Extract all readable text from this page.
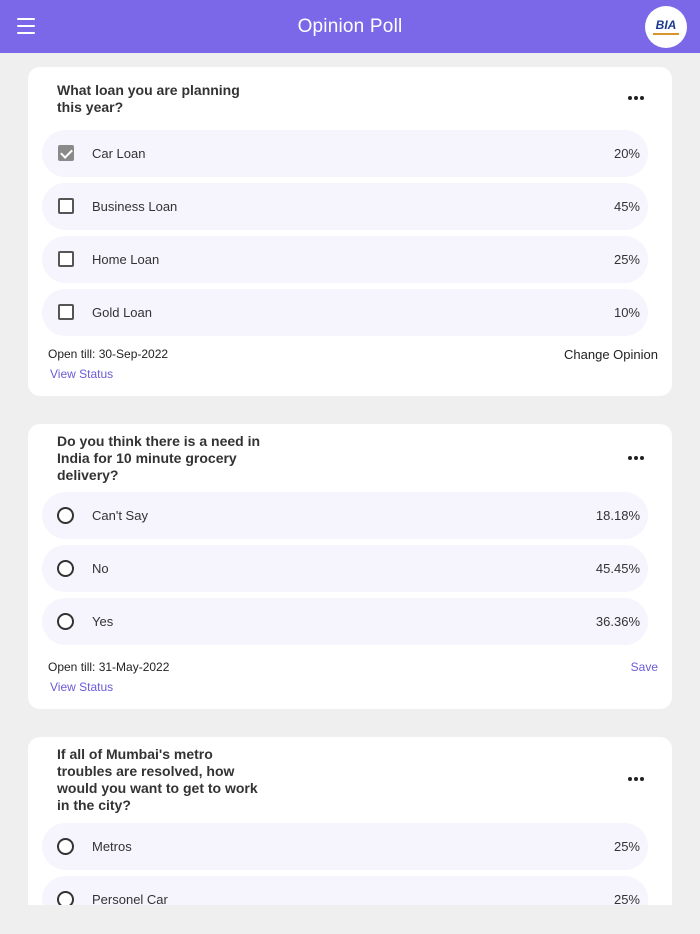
Opinion Poll	BIA
What loan you are planning this year?
Car Loan	20%
Business Loan	45%
Home Loan	25%
Gold Loan	10%
Open till: 30-Sep-2022	Change Opinion
View Status
Do you think there is a need in India for 10 minute grocery delivery?
Can't Say	18.18%
No	45.45%
Yes	36.36%
Open till: 31-May-2022	Save
View Status
If all of Mumbai's metro troubles are resolved, how would you want to get to work in the city?
Metros	25%
Personel Car	25%
